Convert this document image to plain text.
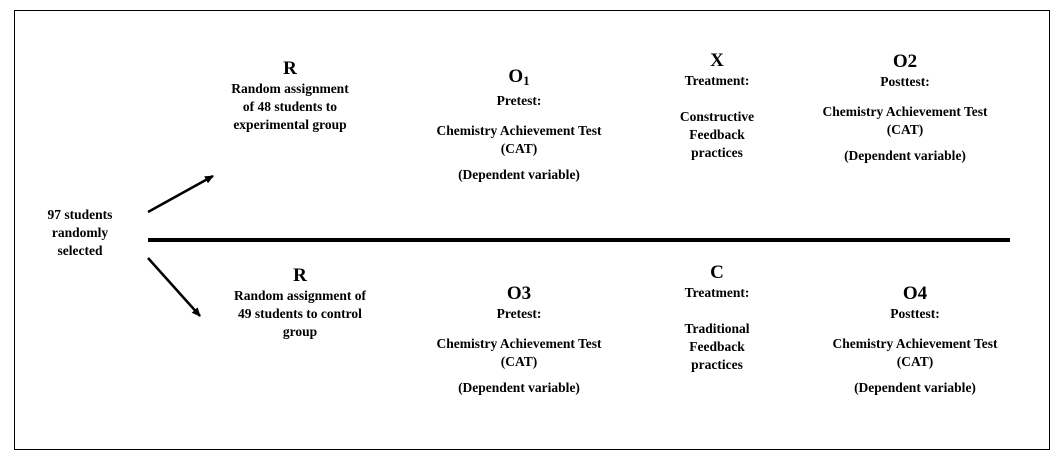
97 students
randomly
selected
R
Random assignment
of 48 students to
experimental group
$O_1$
Pretest:
Chemistry Achievement Test
(CAT)
(Dependent variable)
X
Treatment:
Constructive
Feedback
practices
O2
Posttest:
Chemistry Achievement Test
(CAT)
(Dependent variable)
R
Random assignment of
49 students to control
group
O3
Pretest:
Chemistry Achievement Test
(CAT)
(Dependent variable)
C
Treatment:
Traditional
Feedback
practices
O4
Posttest:
Chemistry Achievement Test
(CAT)
(Dependent variable)
